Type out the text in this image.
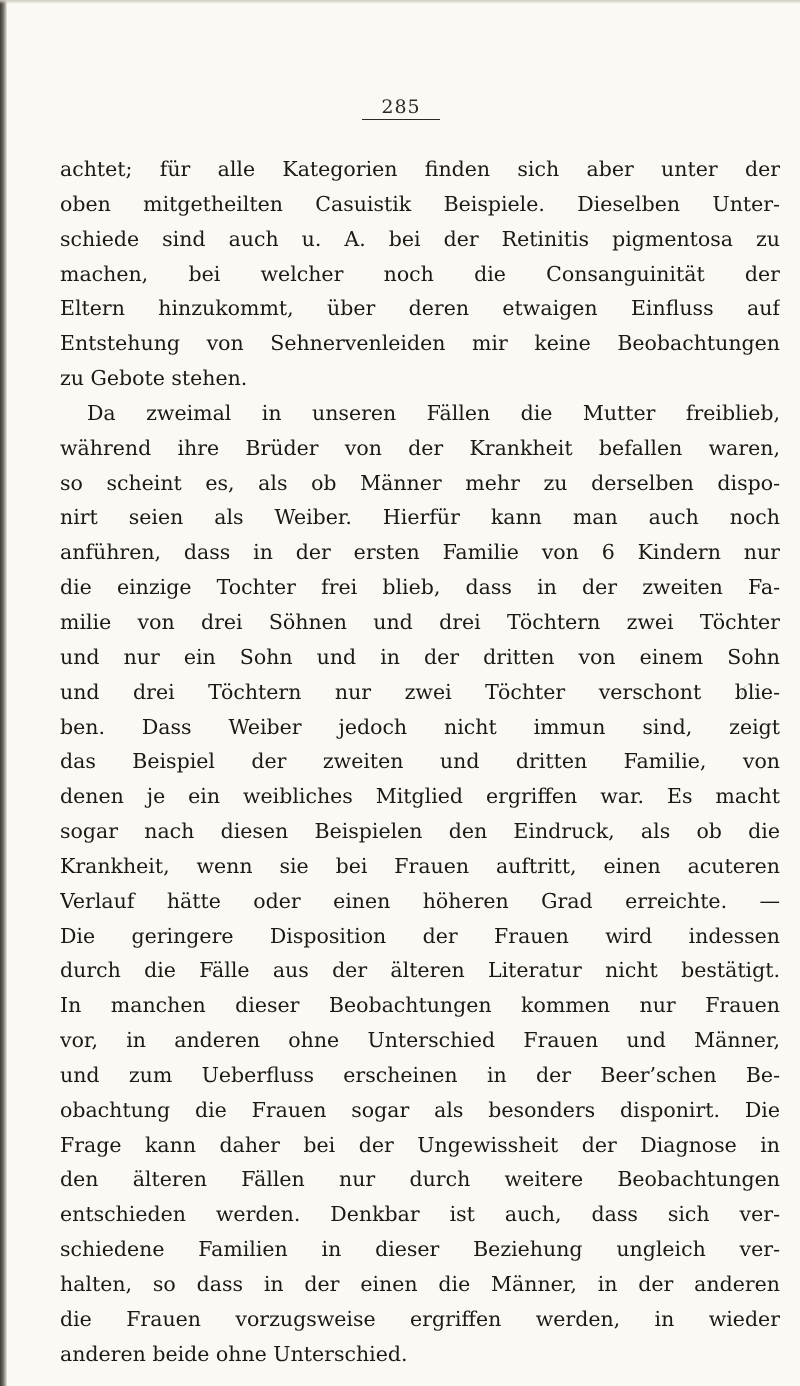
285
achtet; für alle Kategorien finden sich aber unter der
oben mitgetheilten Casuistik Beispiele. Dieselben Unter-
schiede sind auch u. A. bei der Retinitis pigmentosa zu
machen, bei welcher noch die Consanguinität der
Eltern hinzukommt, über deren etwaigen Einfluss auf
Entstehung von Sehnervenleiden mir keine Beobachtungen
zu Gebote stehen.
Da zweimal in unseren Fällen die Mutter freiblieb,
während ihre Brüder von der Krankheit befallen waren,
so scheint es, als ob Männer mehr zu derselben dispo-
nirt seien als Weiber. Hierfür kann man auch noch
anführen, dass in der ersten Familie von 6 Kindern nur
die einzige Tochter frei blieb, dass in der zweiten Fa-
milie von drei Söhnen und drei Töchtern zwei Töchter
und nur ein Sohn und in der dritten von einem Sohn
und drei Töchtern nur zwei Töchter verschont blie-
ben. Dass Weiber jedoch nicht immun sind, zeigt
das Beispiel der zweiten und dritten Familie, von
denen je ein weibliches Mitglied ergriffen war. Es macht
sogar nach diesen Beispielen den Eindruck, als ob die
Krankheit, wenn sie bei Frauen auftritt, einen acuteren
Verlauf hätte oder einen höheren Grad erreichte. —
Die geringere Disposition der Frauen wird indessen
durch die Fälle aus der älteren Literatur nicht bestätigt.
In manchen dieser Beobachtungen kommen nur Frauen
vor, in anderen ohne Unterschied Frauen und Männer,
und zum Ueberfluss erscheinen in der Beer’schen Be-
obachtung die Frauen sogar als besonders disponirt. Die
Frage kann daher bei der Ungewissheit der Diagnose in
den älteren Fällen nur durch weitere Beobachtungen
entschieden werden. Denkbar ist auch, dass sich ver-
schiedene Familien in dieser Beziehung ungleich ver-
halten, so dass in der einen die Männer, in der anderen
die Frauen vorzugsweise ergriffen werden, in wieder
anderen beide ohne Unterschied.
